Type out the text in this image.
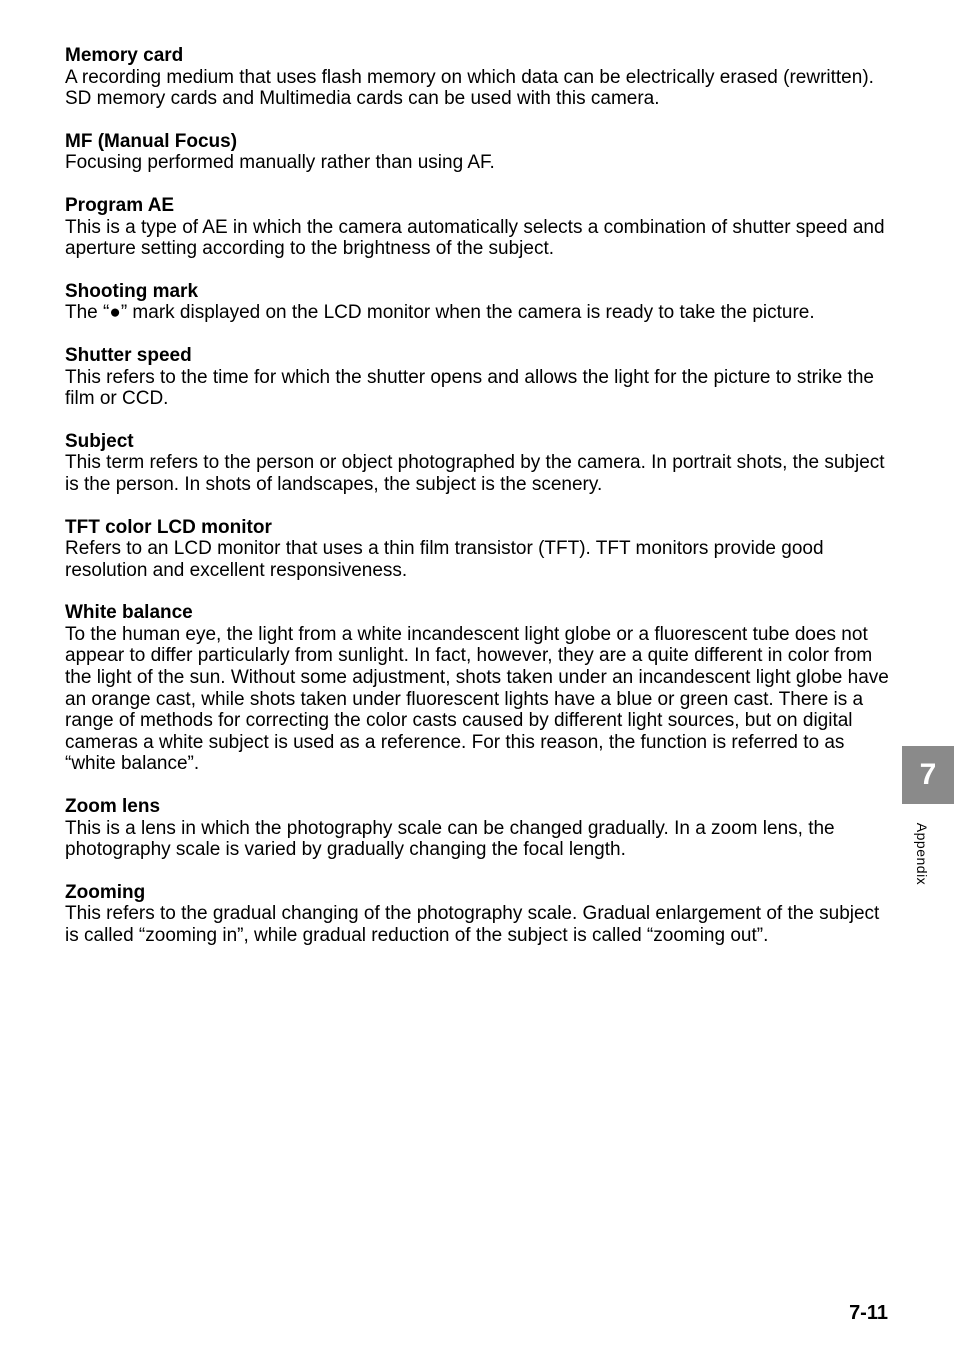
Memory card

A recording medium that uses flash memory on which data can be electrically erased (rewritten). SD memory cards and Multimedia cards can be used with this camera.

MF (Manual Focus)

Focusing performed manually rather than using AF.

Program AE

This is a type of AE in which the camera automatically selects a combination of shutter speed and aperture setting according to the brightness of the subject.

Shooting mark

The “●” mark displayed on the LCD monitor when the camera is ready to take the picture.

Shutter speed

This refers to the time for which the shutter opens and allows the light for the picture to strike the film or CCD.

Subject

This term refers to the person or object photographed by the camera. In portrait shots, the subject is the person. In shots of landscapes, the subject is the scenery.

TFT color LCD monitor

Refers to an LCD monitor that uses a thin film transistor (TFT). TFT monitors provide good resolution and excellent responsiveness.

White balance

To the human eye, the light from a white incandescent light globe or a fluorescent tube does not appear to differ particularly from sunlight. In fact, however, they are a quite different in color from the light of the sun. Without some adjustment, shots taken under an incandescent light globe have an orange cast, while shots taken under fluorescent lights have a blue or green cast. There is a range of methods for correcting the color casts caused by different light sources, but on digital cameras a white subject is used as a reference. For this reason, the function is referred to as “white balance”.

Zoom lens

This is a lens in which the photography scale can be changed gradually. In a zoom lens, the photography scale is varied by gradually changing the focal length.

Zooming

This refers to the gradual changing of the photography scale. Gradual enlargement of the subject is called “zooming in”, while gradual reduction of the subject is called “zooming out”.

7
Appendix
7-11
